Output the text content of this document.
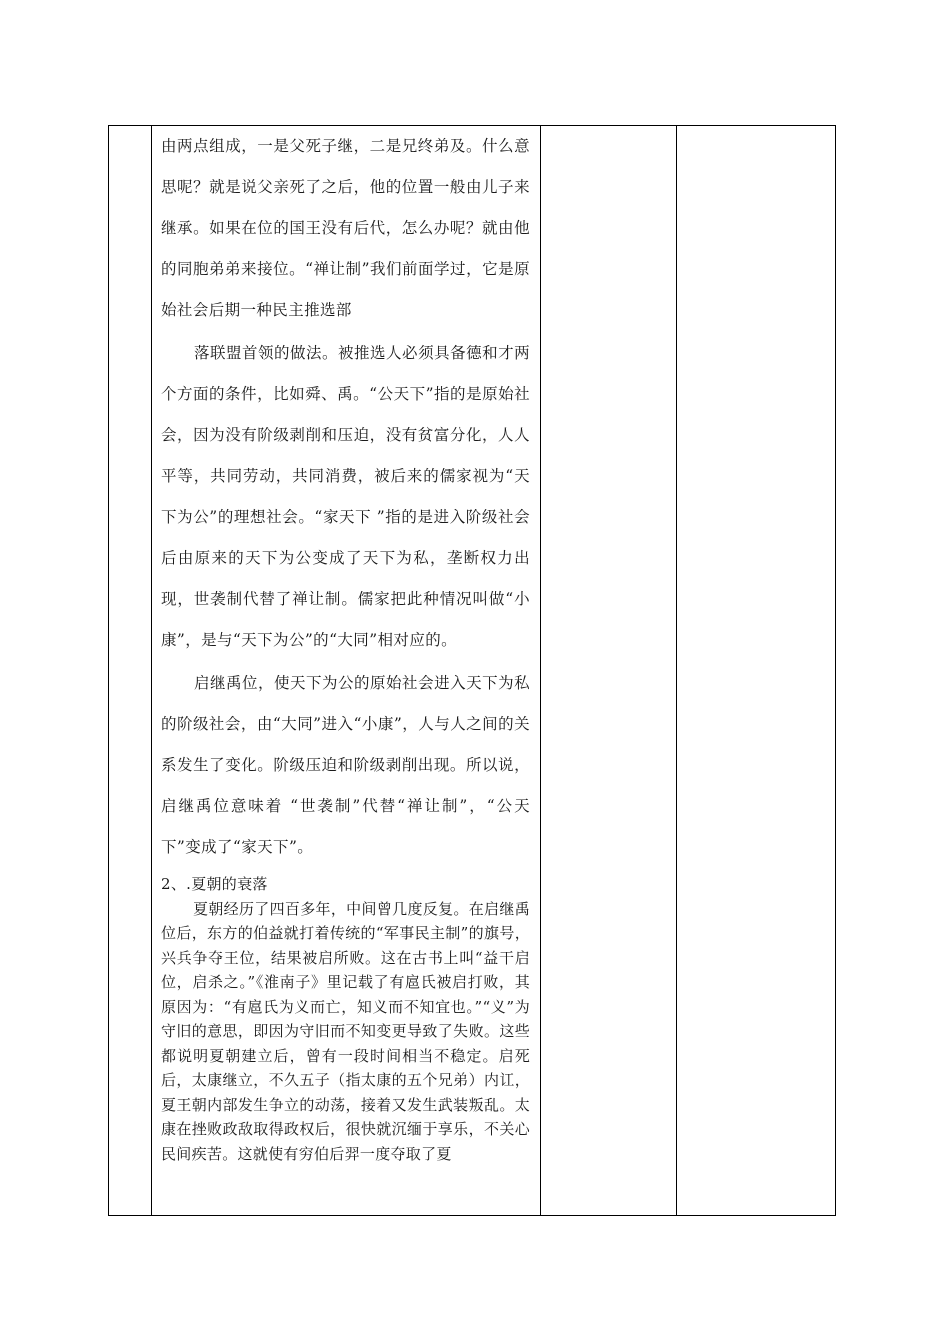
由两点组成，一是父死子继，二是兄终弟及。什么意思呢？就是说父亲死了之后，他的位置一般由儿子来继承。如果在位的国王没有后代，怎么办呢？就由他的同胞弟弟来接位。“禅让制”我们前面学过，它是原始社会后期一种民主推选部

落联盟首领的做法。被推选人必须具备德和才两个方面的条件，比如舜、禹。“公天下”指的是原始社会，因为没有阶级剥削和压迫，没有贫富分化，人人平等，共同劳动，共同消费，被后来的儒家视为“天下为公”的理想社会。“家天下 ”指的是进入阶级社会后由原来的天下为公变成了天下为私，垄断权力出现，世袭制代替了禅让制。儒家把此种情况叫做“小康”，是与“天下为公”的“大同”相对应的。

启继禹位，使天下为公的原始社会进入天下为私的阶级社会，由“大同”进入“小康”，人与人之间的关系发生了变化。阶级压迫和阶级剥削出现。所以说，启继禹位意味着 “世袭制”代替“禅让制”，“公天下”变成了“家天下”。

2、.夏朝的衰落

夏朝经历了四百多年，中间曾几度反复。在启继禹位后，东方的伯益就打着传统的“军事民主制”的旗号，兴兵争夺王位，结果被启所败。这在古书上叫“益干启位，启杀之。”《淮南子》里记载了有扈氏被启打败，其原因为：“有扈氏为义而亡，知义而不知宜也。”“义”为守旧的意思，即因为守旧而不知变更导致了失败。这些都说明夏朝建立后，曾有一段时间相当不稳定。启死后，太康继立，不久五子（指太康的五个兄弟）内讧，夏王朝内部发生争立的动荡，接着又发生武装叛乱。太康在挫败政敌取得政权后，很快就沉缅于享乐，不关心民间疾苦。这就使有穷伯后羿一度夺取了夏
